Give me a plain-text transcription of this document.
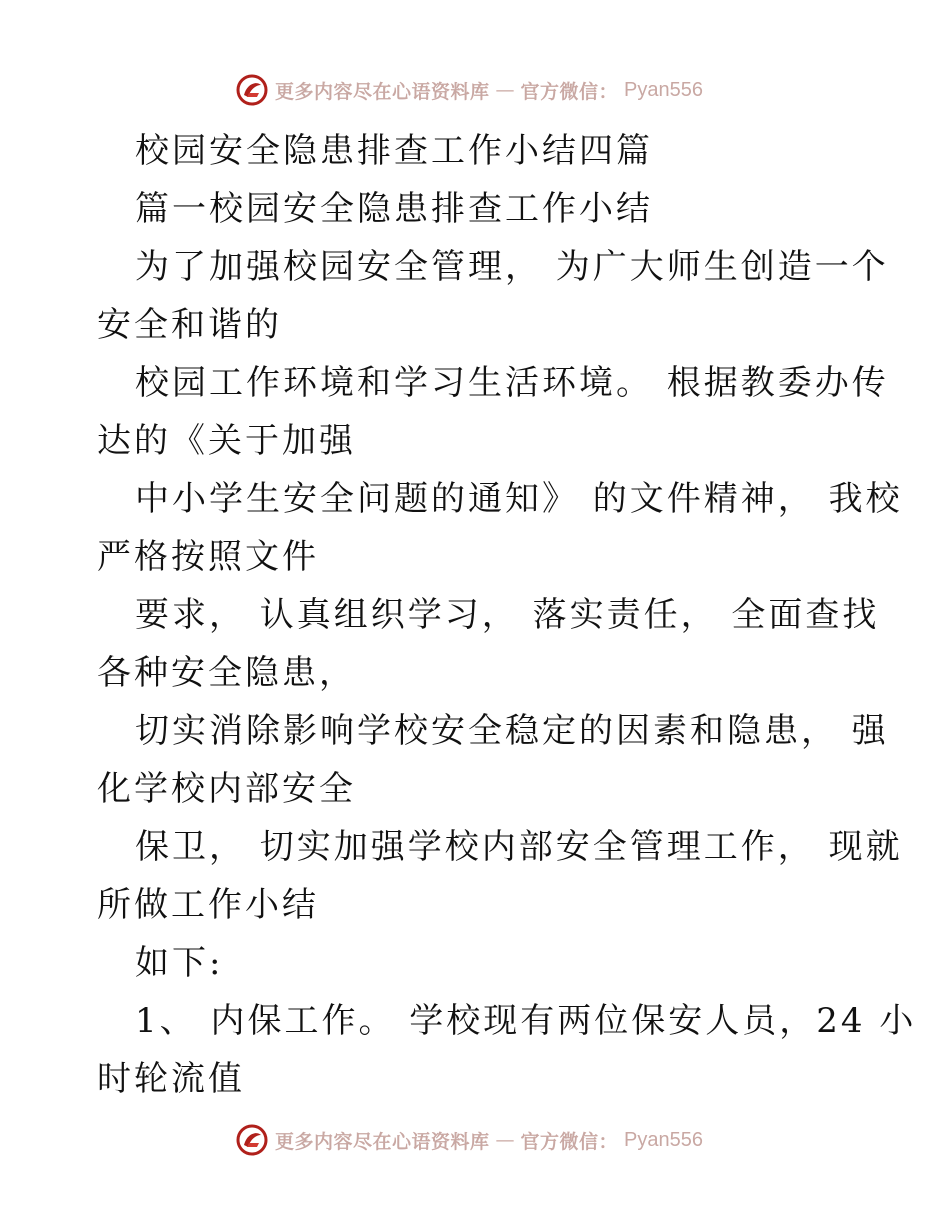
更多内容尽在心语资料库 — 官方微信： Pyan556
校园安全隐患排查工作小结四篇
篇一校园安全隐患排查工作小结
为了加强校园安全管理， 为广大师生创造一个
安全和谐的
校园工作环境和学习生活环境。 根据教委办传
达的《关于加强
中小学生安全问题的通知》 的文件精神， 我校
严格按照文件
要求， 认真组织学习， 落实责任， 全面查找
各种安全隐患，
切实消除影响学校安全稳定的因素和隐患， 强
化学校内部安全
保卫， 切实加强学校内部安全管理工作， 现就
所做工作小结
如下:
1、 内保工作。 学校现有两位保安人员，24 小
时轮流值
更多内容尽在心语资料库 — 官方微信： Pyan556
